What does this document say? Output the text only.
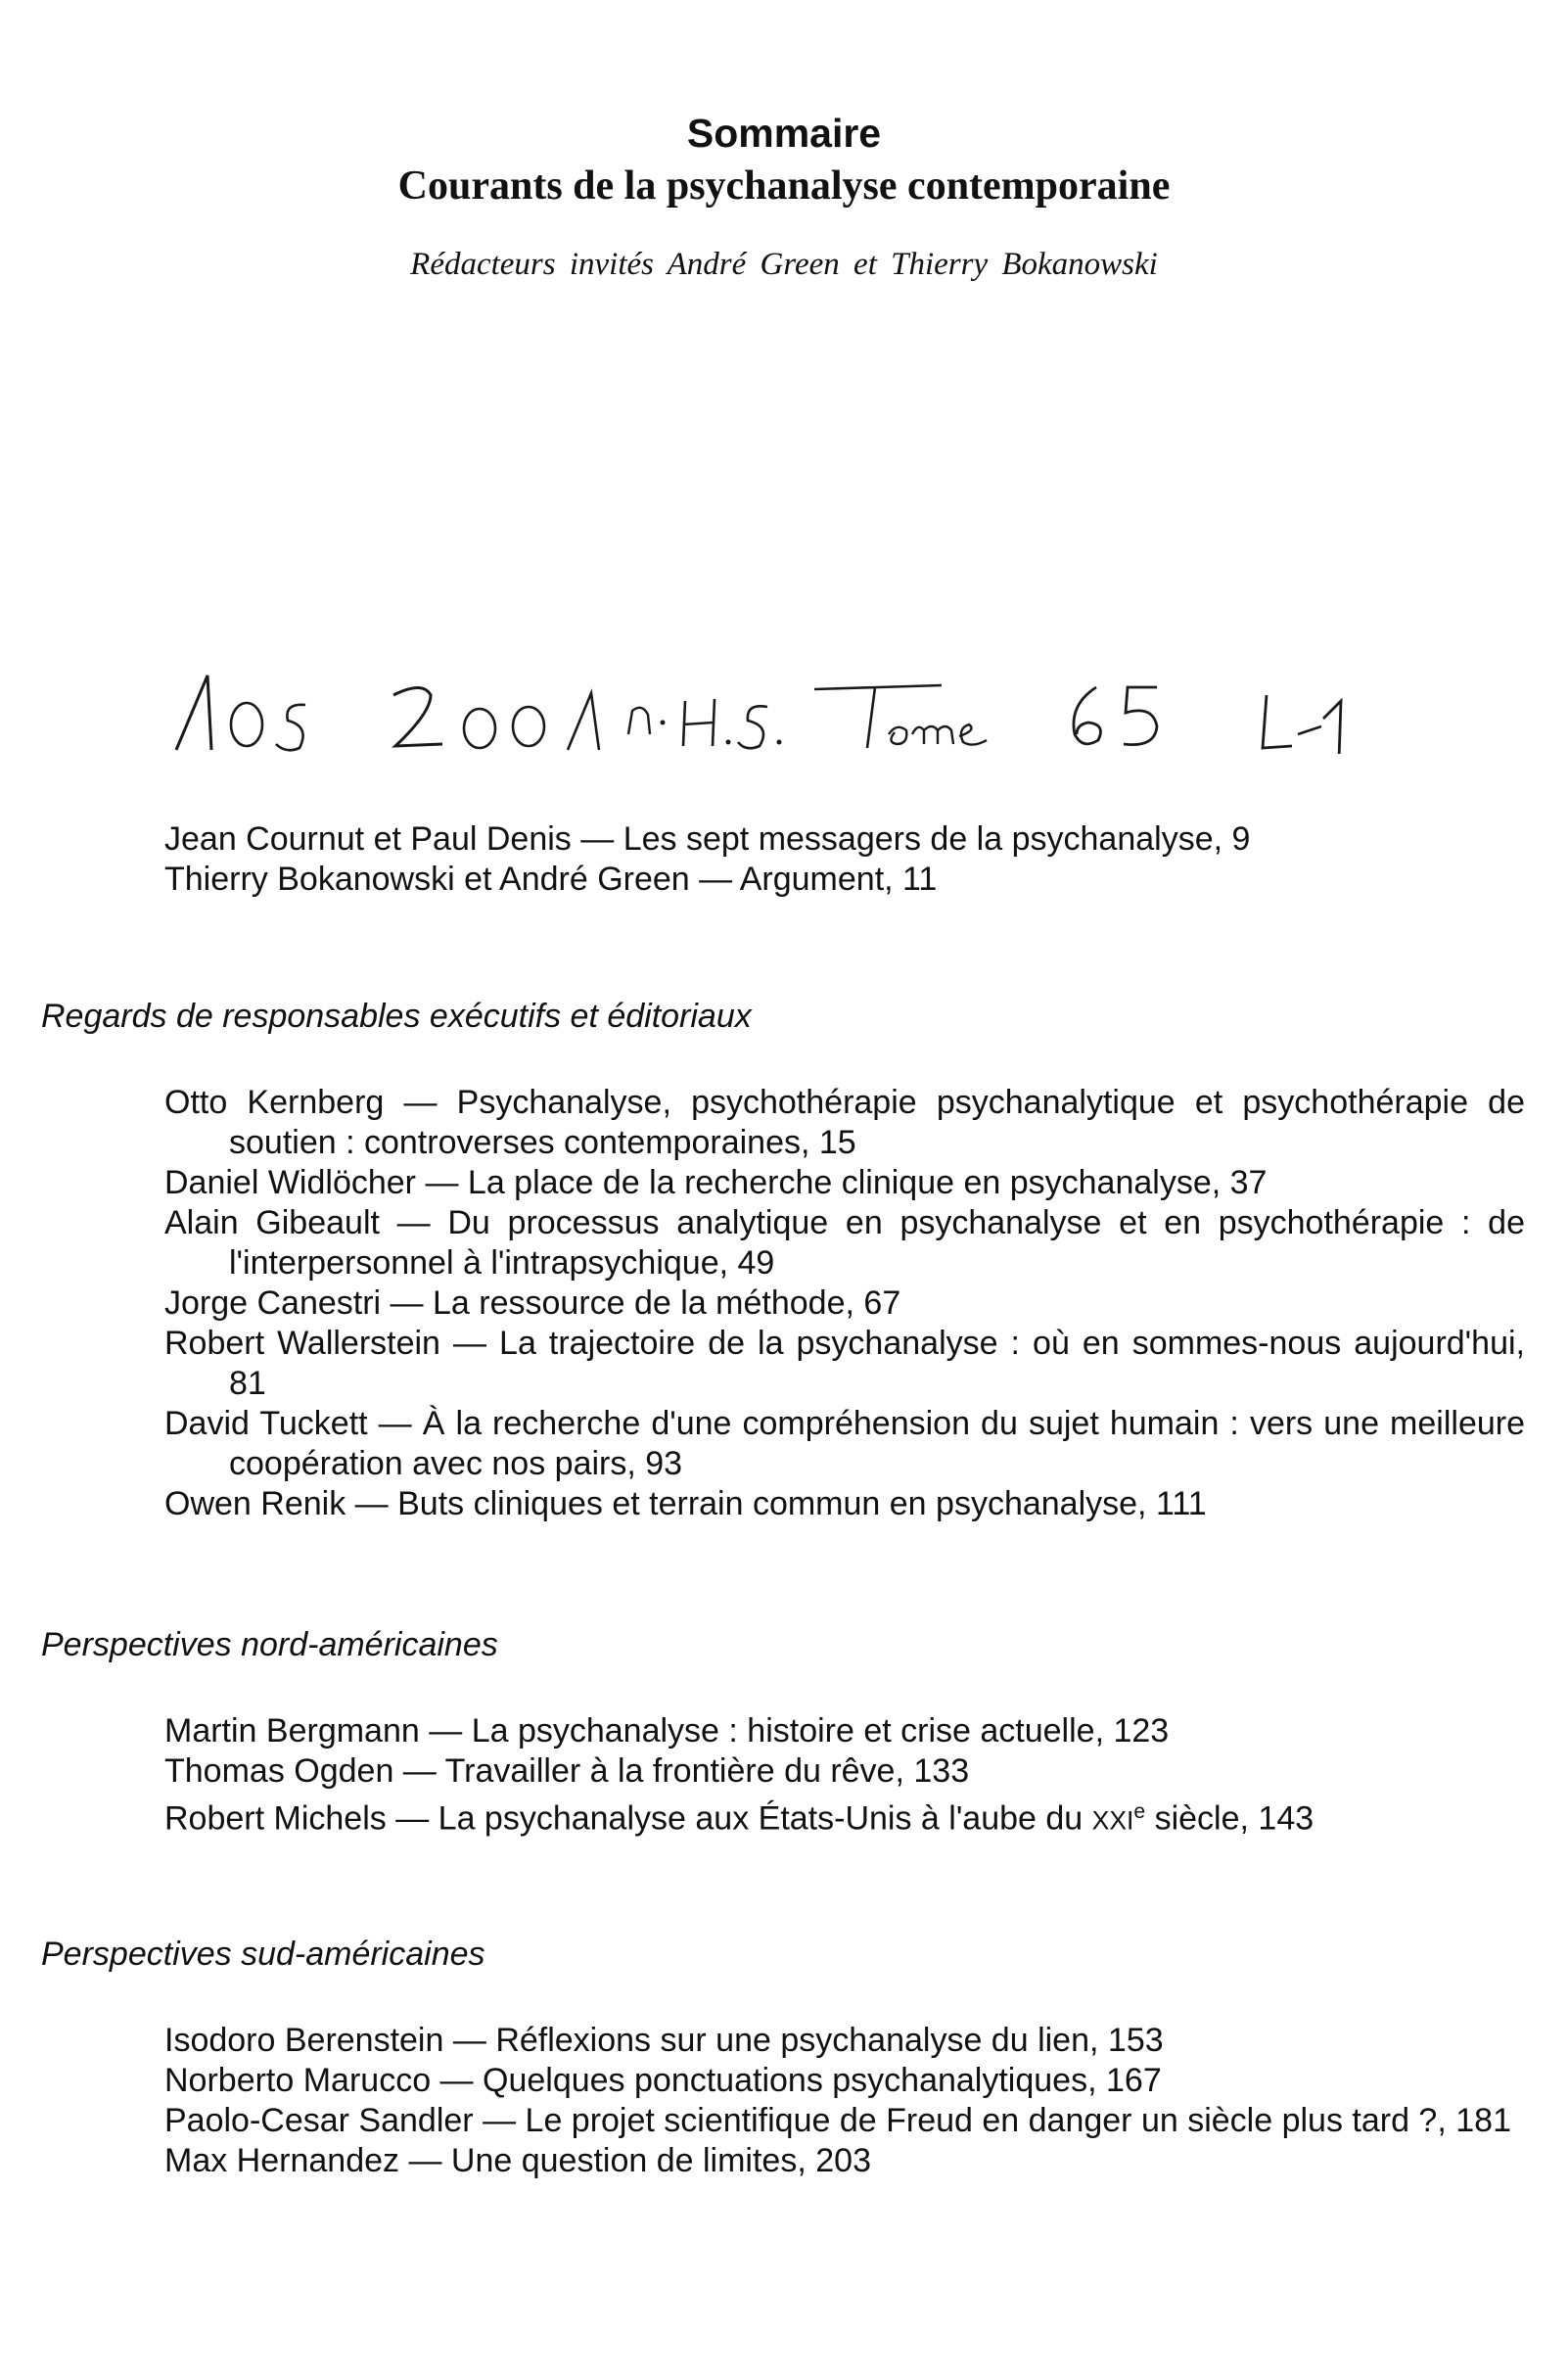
Sommaire
Courants de la psychanalyse contemporaine
Rédacteurs invités André Green et Thierry Bokanowski
Jean Cournut et Paul Denis — Les sept messagers de la psychanalyse, 9
Thierry Bokanowski et André Green — Argument, 11
Regards de responsables exécutifs et éditoriaux
Otto Kernberg — Psychanalyse, psychothérapie psychanalytique et psychothérapie de soutien : controverses contemporaines, 15
Daniel Widlöcher — La place de la recherche clinique en psychanalyse, 37
Alain Gibeault — Du processus analytique en psychanalyse et en psychothérapie : de l'interpersonnel à l'intrapsychique, 49
Jorge Canestri — La ressource de la méthode, 67
Robert Wallerstein — La trajectoire de la psychanalyse : où en sommes-nous aujourd'hui, 81
David Tuckett — À la recherche d'une compréhension du sujet humain : vers une meilleure coopération avec nos pairs, 93
Owen Renik — Buts cliniques et terrain commun en psychanalyse, 111
Perspectives nord-américaines
Martin Bergmann — La psychanalyse : histoire et crise actuelle, 123
Thomas Ogden — Travailler à la frontière du rêve, 133
Robert Michels — La psychanalyse aux États-Unis à l'aube du XXIe siècle, 143
Perspectives sud-américaines
Isodoro Berenstein — Réflexions sur une psychanalyse du lien, 153
Norberto Marucco — Quelques ponctuations psychanalytiques, 167
Paolo-Cesar Sandler — Le projet scientifique de Freud en danger un siècle plus tard ?, 181
Max Hernandez — Une question de limites, 203
